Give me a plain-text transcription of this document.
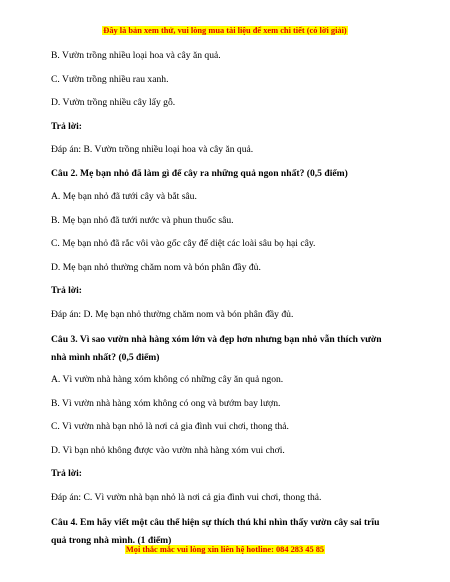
Đây là bản xem thử, vui lòng mua tài liệu để xem chi tiết (có lời giải)

B. Vườn trồng nhiều loại hoa và cây ăn quả.

C. Vườn trồng nhiều rau xanh.

D. Vườn trồng nhiều cây lấy gỗ.

Trả lời:

Đáp án: B. Vườn trồng nhiều loại hoa và cây ăn quả.

Câu 2. Mẹ bạn nhỏ đã làm gì để cây ra những quả ngon nhất? (0,5 điểm)

A. Mẹ bạn nhỏ đã tưới cây và bắt sâu.

B. Mẹ bạn nhỏ đã tưới nước và phun thuốc sâu.

C. Mẹ bạn nhỏ đã rắc vôi vào gốc cây để diệt các loài sâu bọ hại cây.

D. Mẹ bạn nhỏ thường chăm nom và bón phân đầy đủ.

Trả lời:

Đáp án: D. Mẹ bạn nhỏ thường chăm nom và bón phân đầy đủ.

Câu 3. Vì sao vườn nhà hàng xóm lớn và đẹp hơn nhưng bạn nhỏ vẫn thích vườn nhà mình nhất? (0,5 điểm)

A. Vì vườn nhà hàng xóm không có những cây ăn quả ngon.

B. Vì vườn nhà hàng xóm không có ong và bướm bay lượn.

C. Vì vườn nhà bạn nhỏ là nơi cả gia đình vui chơi, thong thả.

D. Vì bạn nhỏ không được vào vườn nhà hàng xóm vui chơi.

Trả lời:

Đáp án: C. Vì vườn nhà bạn nhỏ là nơi cả gia đình vui chơi, thong thả.

Câu 4. Em hãy viết một câu thể hiện sự thích thú khi nhìn thấy vườn cây sai trĩu quả trong nhà mình. (1 điểm)

Mọi thắc mắc vui lòng xin liên hệ hotline: 084 283 45 85
